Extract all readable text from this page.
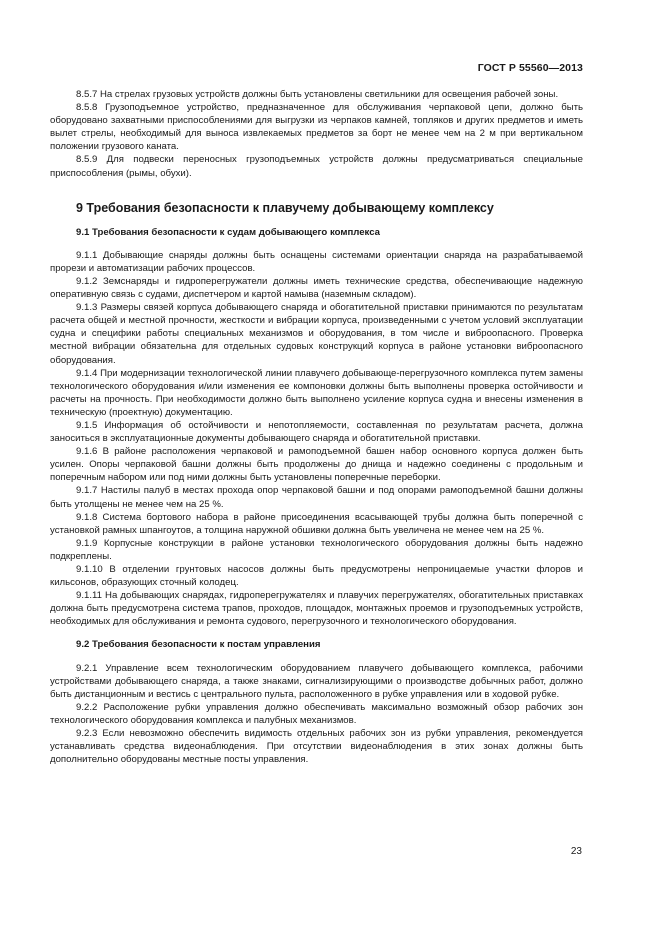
ГОСТ Р 55560—2013

8.5.7 На стрелах грузовых устройств должны быть установлены светильники для освещения рабочей зоны.

8.5.8 Грузоподъемное устройство, предназначенное для обслуживания черпаковой цепи, должно быть оборудовано захватными приспособлениями для выгрузки из черпаков камней, топляков и других предметов и иметь вылет стрелы, необходимый для выноса извлекаемых предметов за борт не менее чем на 2 м при вертикальном положении грузового каната.

8.5.9 Для подвески переносных грузоподъемных устройств должны предусматриваться специальные приспособления (рымы, обухи).

9 Требования безопасности к плавучему добывающему комплексу

9.1 Требования безопасности к судам добывающего комплекса

9.1.1 Добывающие снаряды должны быть оснащены системами ориентации снаряда на разрабатываемой прорези и автоматизации рабочих процессов.

9.1.2 Земснаряды и гидроперегружатели должны иметь технические средства, обеспечивающие надежную оперативную связь с судами, диспетчером и картой намыва (наземным складом).

9.1.3 Размеры связей корпуса добывающего снаряда и обогатительной приставки принимаются по результатам расчета общей и местной прочности, жесткости и вибрации корпуса, произведенными с учетом условий эксплуатации судна и специфики работы специальных механизмов и оборудования, в том числе и виброопасного. Проверка местной вибрации обязательна для отдельных судовых конструкций корпуса в районе установки виброопасного оборудования.

9.1.4 При модернизации технологической линии плавучего добывающе-перегрузочного комплекса путем замены технологического оборудования и/или изменения ее компоновки должны быть выполнены проверка остойчивости и расчеты на прочность. При необходимости должно быть выполнено усиление корпуса судна и внесены изменения в техническую (проектную) документацию.

9.1.5 Информация об остойчивости и непотопляемости, составленная по результатам расчета, должна заноситься в эксплуатационные документы добывающего снаряда и обогатительной приставки.

9.1.6 В районе расположения черпаковой и рамоподъемной башен набор основного корпуса должен быть усилен. Опоры черпаковой башни должны быть продолжены до днища и надежно соединены с продольным и поперечным набором или под ними должны быть установлены поперечные переборки.

9.1.7 Настилы палуб в местах прохода опор черпаковой башни и под опорами рамоподъемной башни должны быть утолщены не менее чем на 25 %.

9.1.8 Система бортового набора в районе присоединения всасывающей трубы должна быть поперечной с установкой рамных шпангоутов, а толщина наружной обшивки должна быть увеличена не менее чем на 25 %.

9.1.9 Корпусные конструкции в районе установки технологического оборудования должны быть надежно подкреплены.

9.1.10 В отделении грунтовых насосов должны быть предусмотрены непроницаемые участки флоров и кильсонов, образующих сточный колодец.

9.1.11 На добывающих снарядах, гидроперегружателях и плавучих перегружателях, обогатительных приставках должна быть предусмотрена система трапов, проходов, площадок, монтажных проемов и грузоподъемных устройств, необходимых для обслуживания и ремонта судового, перегрузочного и технологического оборудования.

9.2 Требования безопасности к постам управления

9.2.1 Управление всем технологическим оборудованием плавучего добывающего комплекса, рабочими устройствами добывающего снаряда, а также знаками, сигнализирующими о производстве добычных работ, должно быть дистанционным и вестись с центрального пульта, расположенного в рубке управления или в ходовой рубке.

9.2.2 Расположение рубки управления должно обеспечивать максимально возможный обзор рабочих зон технологического оборудования комплекса и палубных механизмов.

9.2.3 Если невозможно обеспечить видимость отдельных рабочих зон из рубки управления, рекомендуется устанавливать средства видеонаблюдения. При отсутствии видеонаблюдения в этих зонах должны быть дополнительно оборудованы местные посты управления.

23
